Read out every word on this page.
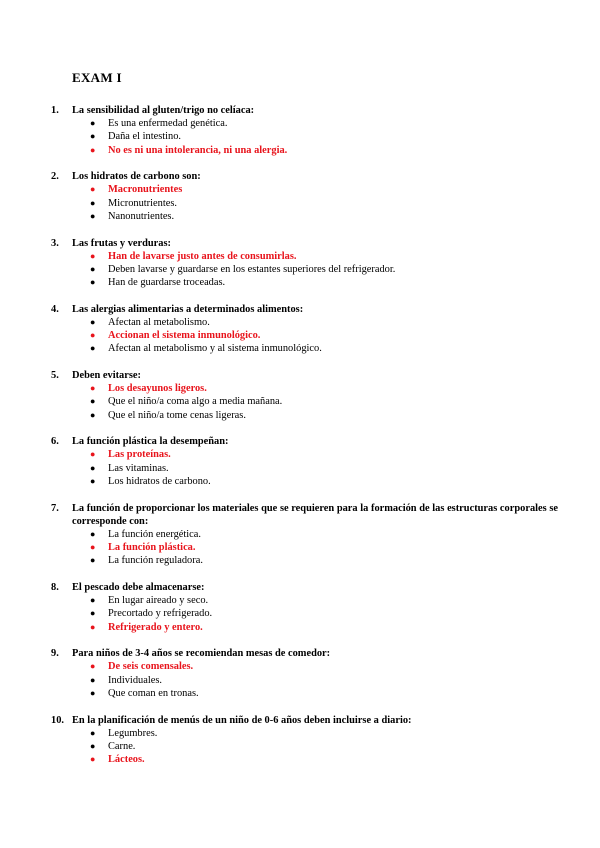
EXAM I
1. La sensibilidad al gluten/trigo no celíaca:
● Es una enfermedad genética.
● Daña el intestino.
● No es ni una intolerancia, ni una alergia.
2. Los hidratos de carbono son:
● Macronutrientes
● Micronutrientes.
● Nanonutrientes.
3. Las frutas y verduras:
● Han de lavarse justo antes de consumirlas.
● Deben lavarse y guardarse en los estantes superiores del refrigerador.
● Han de guardarse troceadas.
4. Las alergias alimentarias a determinados alimentos:
● Afectan al metabolismo.
● Accionan el sistema inmunológico.
● Afectan al metabolismo y al sistema inmunológico.
5. Deben evitarse:
● Los desayunos ligeros.
● Que el niño/a coma algo a media mañana.
● Que el niño/a tome cenas ligeras.
6. La función plástica la desempeñan:
● Las proteínas.
● Las vitaminas.
● Los hidratos de carbono.
7. La función de proporcionar los materiales que se requieren para la formación de las estructuras corporales se corresponde con:
● La función energética.
● La función plástica.
● La función reguladora.
8. El pescado debe almacenarse:
● En lugar aireado y seco.
● Precortado y refrigerado.
● Refrigerado y entero.
9. Para niños de 3-4 años se recomiendan mesas de comedor:
● De seis comensales.
● Individuales.
● Que coman en tronas.
10. En la planificación de menús de un niño de 0-6 años deben incluirse a diario:
● Legumbres.
● Carne.
● Lácteos.
